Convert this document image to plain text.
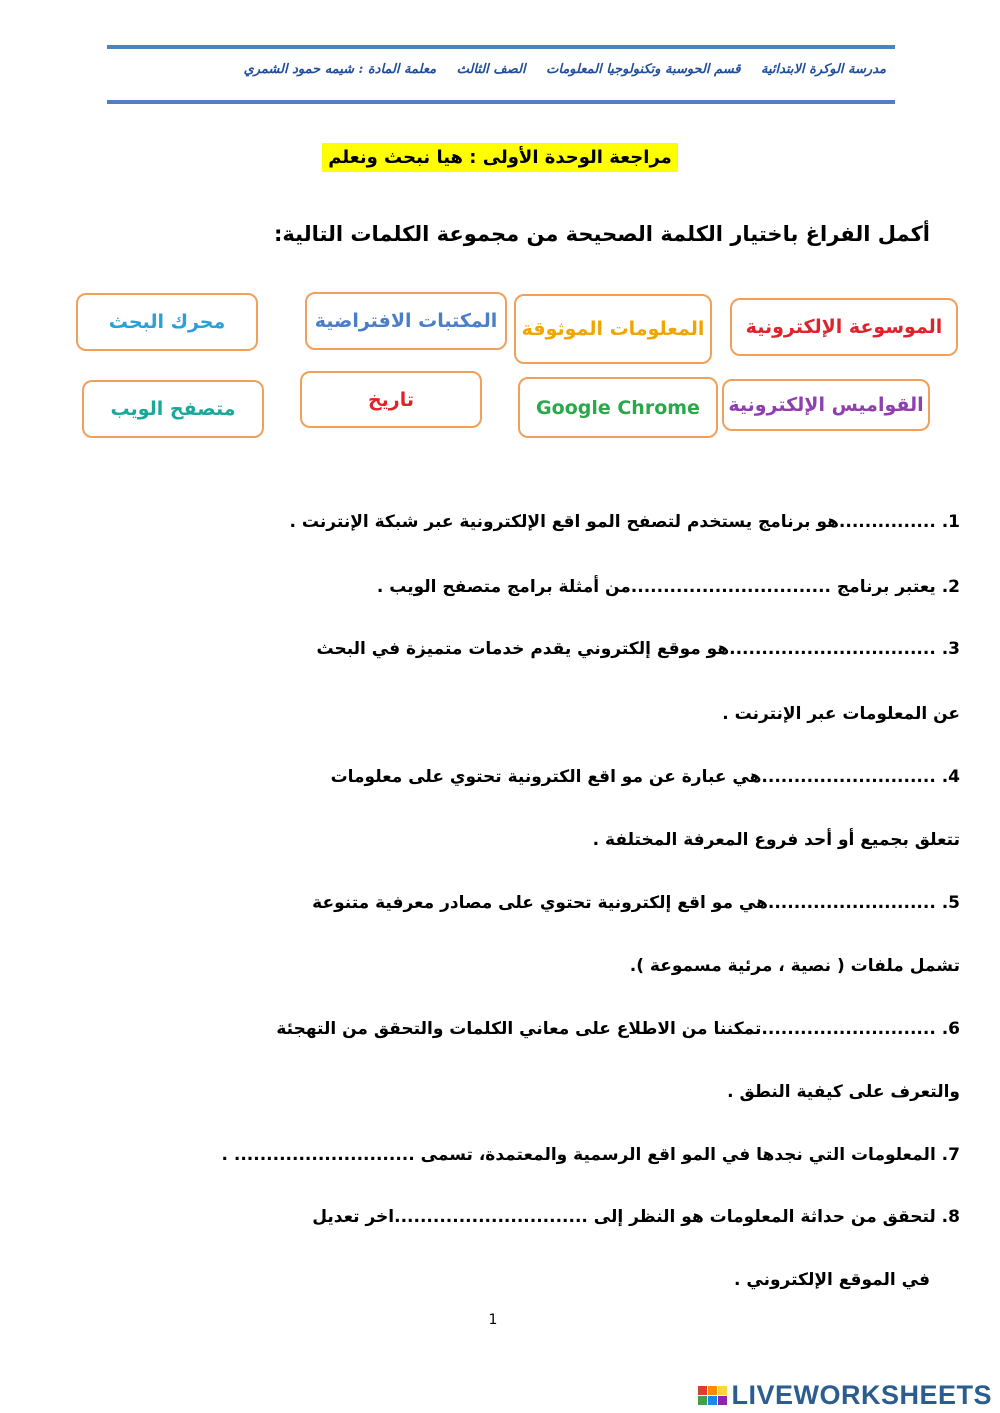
مدرسة الوكرة الابتدائية قسم الحوسبة وتكنولوجيا المعلومات الصف الثالث معلمة المادة : شيمه حمود الشمري
مراجعة الوحدة الأولى : هيا نبحث ونعلم
أكمل الفراغ باختيار الكلمة الصحيحة من مجموعة الكلمات التالية:
الموسوعة الإلكترونية
المعلومات الموثوقة
المكتبات الافتراضية
محرك البحث
القواميس الإلكترونية
Google Chrome
تاريخ
متصفح الويب
1. ...............هو برنامج يستخدم لتصفح المو اقع الإلكترونية عبر شبكة الإنترنت .
2. يعتبر برنامج ...............................من أمثلة برامج متصفح الويب .
3. ................................هو موقع إلكتروني يقدم خدمات متميزة في البحث
عن المعلومات عبر الإنترنت .
4. ...........................هي عبارة عن مو اقع الكترونية تحتوي على معلومات
تتعلق بجميع أو أحد فروع المعرفة المختلفة .
5. ..........................هي مو اقع إلكترونية تحتوي على مصادر معرفية متنوعة
تشمل ملفات ( نصية ، مرئية مسموعة ).
6. ...........................تمكننا من الاطلاع على معاني الكلمات والتحقق من التهجئة
والتعرف على كيفية النطق .
7. المعلومات التي نجدها في المو اقع الرسمية والمعتمدة، تسمى ............................ .
8. لتحقق من حداثة المعلومات هو النظر إلى ..............................اخر تعديل
في الموقع الإلكتروني .
1
LIVEWORKSHEETS
